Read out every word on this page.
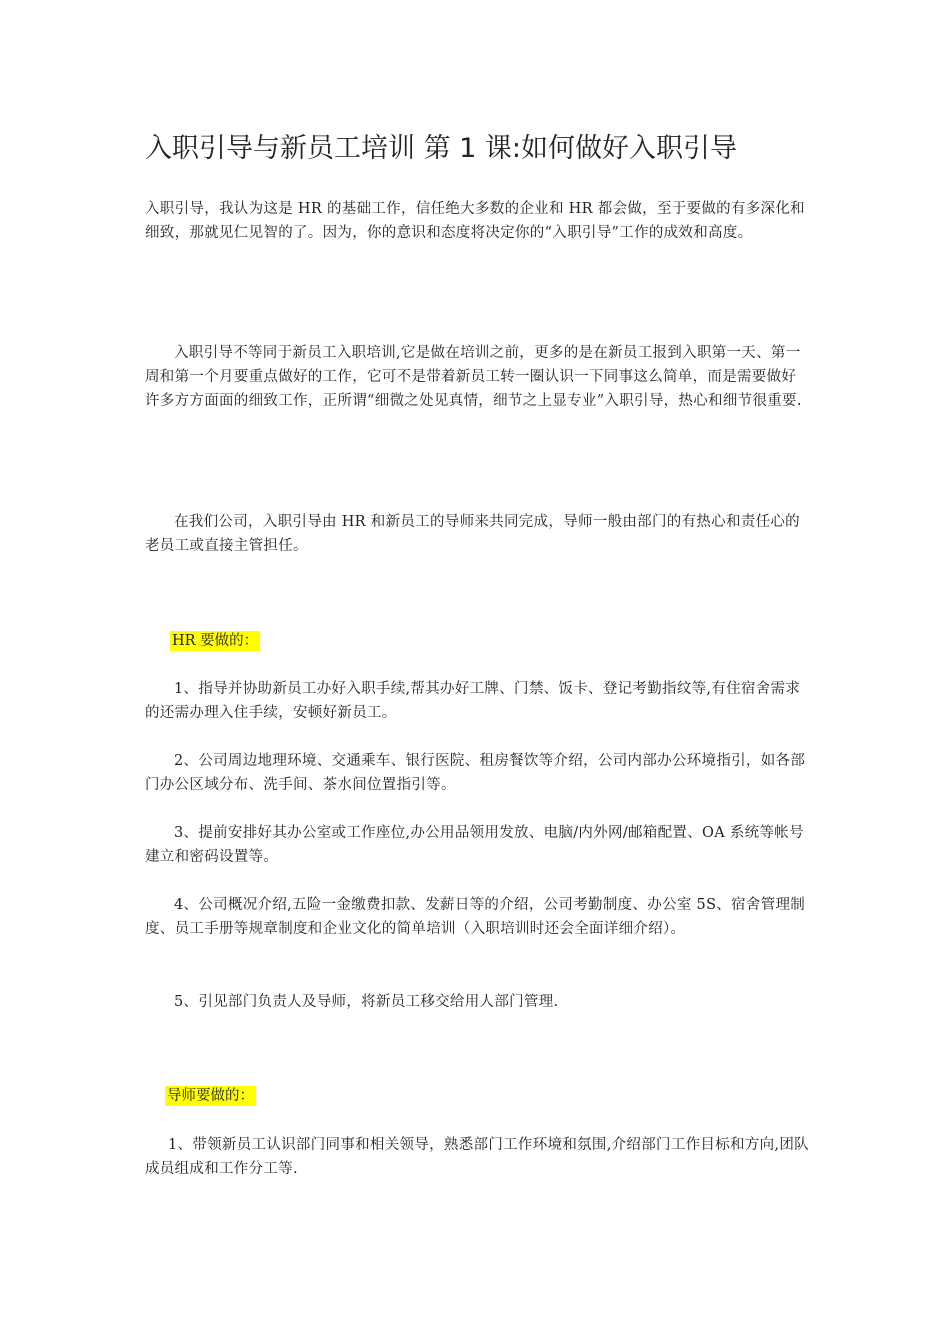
入职引导与新员工培训 第 1 课:如何做好入职引导

入职引导，我认为这是 HR 的基础工作，信任绝大多数的企业和 HR 都会做，至于要做的有多深化和细致，那就见仁见智的了。因为，你的意识和态度将决定你的“入职引导”工作的成效和高度。

入职引导不等同于新员工入职培训,它是做在培训之前，更多的是在新员工报到入职第一天、第一周和第一个月要重点做好的工作，它可不是带着新员工转一圈认识一下同事这么简单，而是需要做好许多方方面面的细致工作，正所谓“细微之处见真情，细节之上显专业”入职引导，热心和细节很重要.

在我们公司，入职引导由 HR 和新员工的导师来共同完成，导师一般由部门的有热心和责任心的老员工或直接主管担任。

HR 要做的：

1、指导并协助新员工办好入职手续,帮其办好工牌、门禁、饭卡、登记考勤指纹等,有住宿舍需求的还需办理入住手续，安顿好新员工。

2、公司周边地理环境、交通乘车、银行医院、租房餐饮等介绍，公司内部办公环境指引，如各部门办公区域分布、洗手间、茶水间位置指引等。

3、提前安排好其办公室或工作座位,办公用品领用发放、电脑/内外网/邮箱配置、OA 系统等帐号建立和密码设置等。

4、公司概况介绍,五险一金缴费扣款、发薪日等的介绍，公司考勤制度、办公室 5S、宿舍管理制度、员工手册等规章制度和企业文化的简单培训（入职培训时还会全面详细介绍）。

5、引见部门负责人及导师，将新员工移交给用人部门管理.

导师要做的：

1、带领新员工认识部门同事和相关领导，熟悉部门工作环境和氛围,介绍部门工作目标和方向,团队成员组成和工作分工等.
